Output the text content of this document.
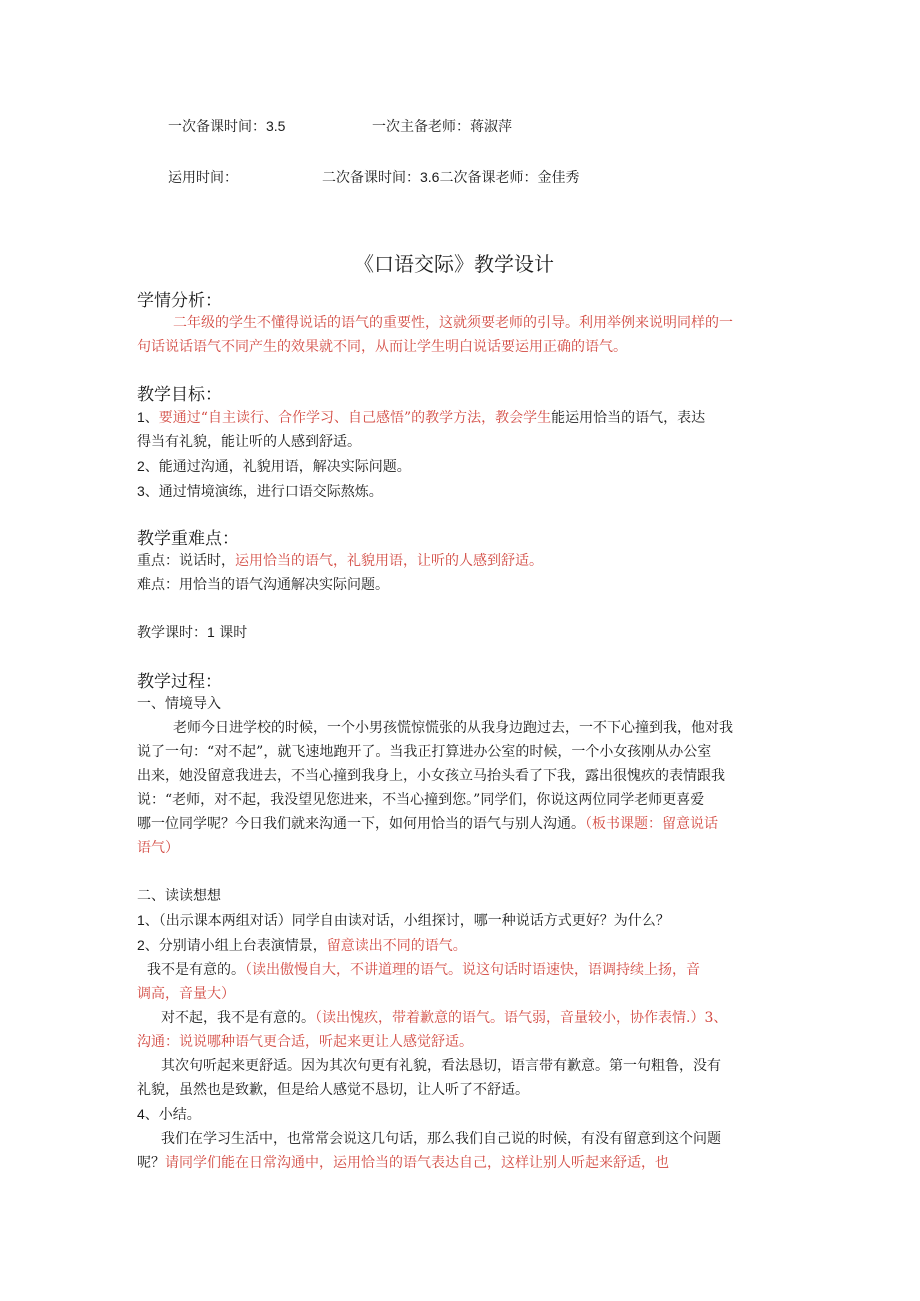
一次备课时间：3.5	一次主备老师：蒋淑萍
运用时间：	二次备课时间：3.6二次备课老师：金佳秀
《口语交际》教学设计
学情分析：
二年级的学生不懂得说话的语气的重要性，这就须要老师的引导。利用举例来说明同样的一
句话说话语气不同产生的效果就不同，从而让学生明白说话要运用正确的语气。
教学目标：
1、要通过“自主读行、合作学习、自己感悟”的教学方法，教会学生能运用恰当的语气，表达
得当有礼貌，能让听的人感到舒适。
2、能通过沟通，礼貌用语，解决实际问题。
3、通过情境演练，进行口语交际熬炼。
教学重难点：
重点：说话时，运用恰当的语气，礼貌用语，让听的人感到舒适。
难点：用恰当的语气沟通解决实际问题。
教学课时：1 课时
教学过程：
一、情境导入
老师今日进学校的时候，一个小男孩慌惊慌张的从我身边跑过去，一不下心撞到我，他对我
说了一句：“对不起”，就飞速地跑开了。当我正打算进办公室的时候，一个小女孩刚从办公室
出来，她没留意我进去，不当心撞到我身上，小女孩立马抬头看了下我，露出很愧疚的表情跟我
说：“老师，对不起，我没望见您进来，不当心撞到您。”同学们，你说这两位同学老师更喜爱
哪一位同学呢？今日我们就来沟通一下，如何用恰当的语气与别人沟通。（板书课题：留意说话
语气）
二、读读想想
1、（出示课本两组对话）同学自由读对话，小组探讨，哪一种说话方式更好？为什么？
2、分别请小组上台表演情景，留意读出不同的语气。
我不是有意的。（读出傲慢自大，不讲道理的语气。说这句话时语速快，语调持续上扬，音
调高，音量大）
对不起，我不是有意的。（读出愧疚，带着歉意的语气。语气弱，音量较小，协作表情.）3、
沟通：说说哪种语气更合适，听起来更让人感觉舒适。
其次句听起来更舒适。因为其次句更有礼貌，看法恳切，语言带有歉意。第一句粗鲁，没有
礼貌，虽然也是致歉，但是给人感觉不恳切，让人听了不舒适。
4、小结。
我们在学习生活中，也常常会说这几句话，那么我们自己说的时候，有没有留意到这个问题
呢？请同学们能在日常沟通中，运用恰当的语气表达自己，这样让别人听起来舒适，也
